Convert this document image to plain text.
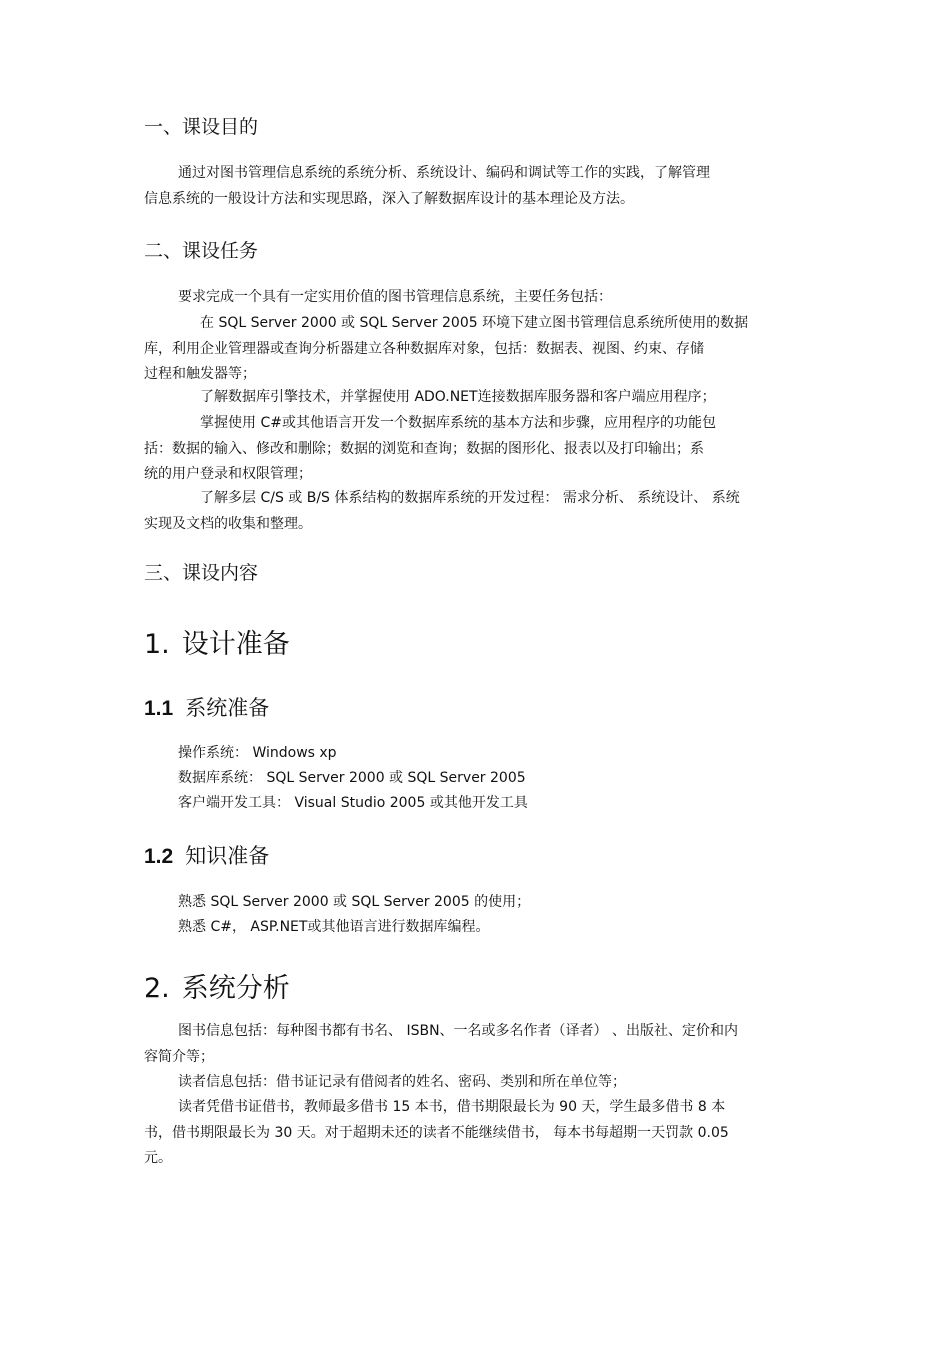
一、课设目的
通过对图书管理信息系统的系统分析、系统设计、编码和调试等工作的实践，了解管理
信息系统的一般设计方法和实现思路，深入了解数据库设计的基本理论及方法。
二、课设任务
要求完成一个具有一定实用价值的图书管理信息系统，主要任务包括：
在 SQL Server 2000 或 SQL Server 2005 环境下建立图书管理信息系统所使用的数据
库，利用企业管理器或查询分析器建立各种数据库对象，包括：数据表、视图、约束、存储
过程和触发器等；
了解数据库引擎技术，并掌握使用 ADO.NET连接数据库服务器和客户端应用程序；
掌握使用 C#或其他语言开发一个数据库系统的基本方法和步骤，应用程序的功能包
括：数据的输入、修改和删除；数据的浏览和查询；数据的图形化、报表以及打印输出；系
统的用户登录和权限管理；
了解多层 C/S 或 B/S 体系结构的数据库系统的开发过程： 需求分析、 系统设计、 系统
实现及文档的收集和整理。
三、课设内容
1. 设计准备
1.1 系统准备
操作系统： Windows xp
数据库系统： SQL Server 2000 或 SQL Server 2005
客户端开发工具： Visual Studio 2005 或其他开发工具
1.2 知识准备
熟悉 SQL Server 2000 或 SQL Server 2005 的使用；
熟悉 C#， ASP.NET或其他语言进行数据库编程。
2. 系统分析
图书信息包括：每种图书都有书名、 ISBN、一名或多名作者（译者） 、出版社、定价和内
容简介等；
读者信息包括：借书证记录有借阅者的姓名、密码、类别和所在单位等；
读者凭借书证借书，教师最多借书 15 本书，借书期限最长为 90 天，学生最多借书 8 本
书，借书期限最长为 30 天。对于超期未还的读者不能继续借书， 每本书每超期一天罚款 0.05
元。
